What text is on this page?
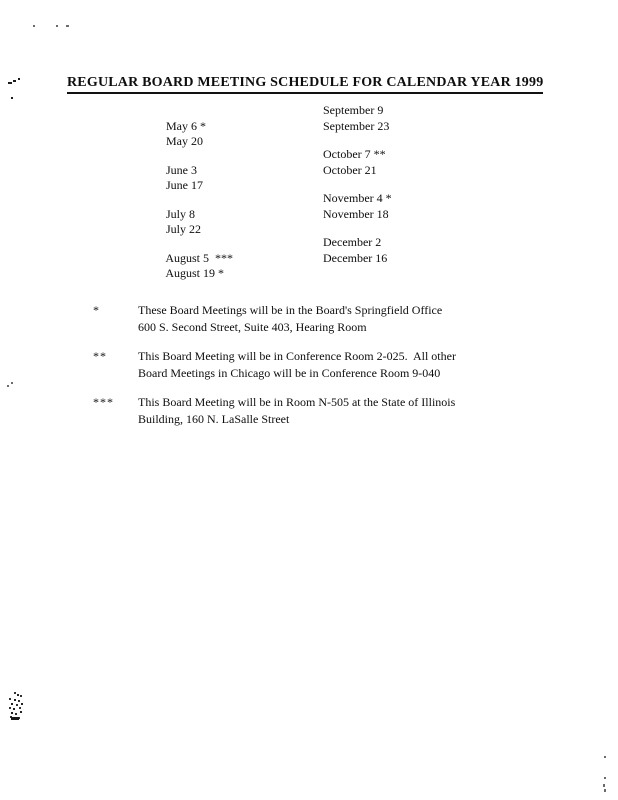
REGULAR BOARD MEETING SCHEDULE FOR CALENDAR YEAR 1999

May 6 *

September 9

May 20

September 23

June 3

October 7 **

June 17

October 21

July 8

November 4 *

July 22

November 18

August 5  ***

December 2

August 19 *

December 16

*	These Board Meetings will be in the Board's Springfield Office
600 S. Second Street, Suite 403, Hearing Room
**	This Board Meeting will be in Conference Room 2-025.  All other
Board Meetings in Chicago will be in Conference Room 9-040
***	This Board Meeting will be in Room N-505 at the State of Illinois
Building, 160 N. LaSalle Street
